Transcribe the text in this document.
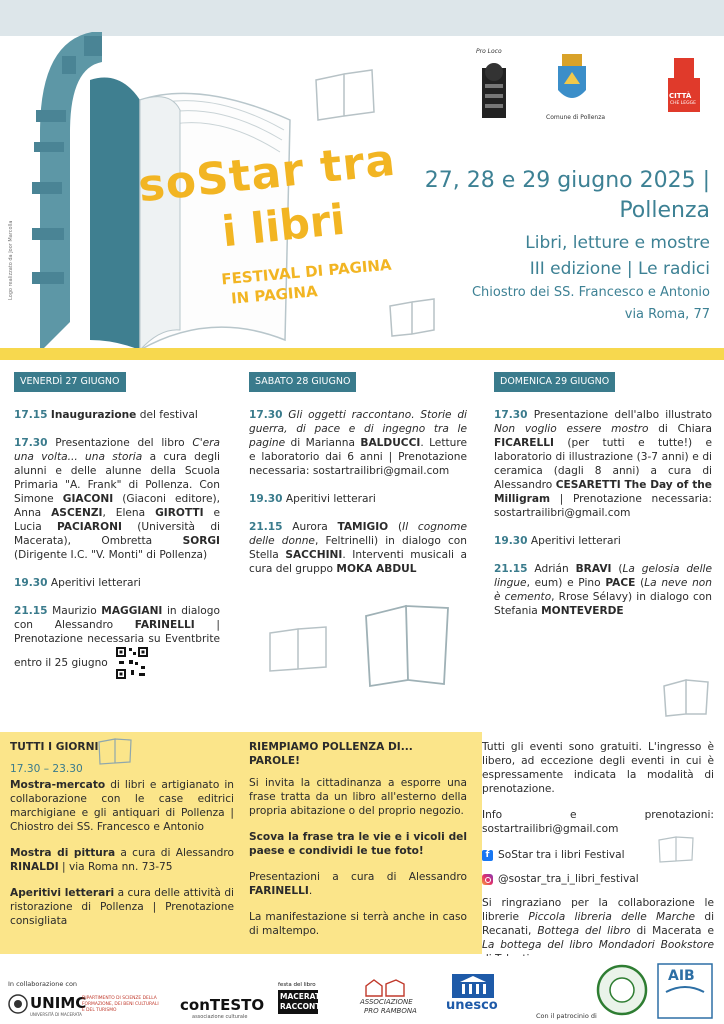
Logo realizzato da Joor Marcolla
soStar tra
i libri
FESTIVAL DI PAGINA
IN PAGINA
Pro Loco
Comune di Pollenza
CITTÀ
CHE LEGGE
27, 28 e 29 giugno 2025 |
Pollenza
Libri, letture e mostre
III edizione | Le radici
Chiostro dei SS. Francesco e Antonio
via Roma, 77
VENERDÌ 27 GIUGNO
17.15 Inaugurazione del festival
17.30 Presentazione del libro C'era una volta... una storia a cura degli alunni e delle alunne della Scuola Primaria "A. Frank" di Pollenza. Con Simone GIACONI (Giaconi editore), Anna ASCENZI, Elena GIROTTI e Lucia PACIARONI (Università di Macerata), Ombretta SORGI (Dirigente I.C. "V. Monti" di Pollenza)
19.30 Aperitivi letterari
21.15 Maurizio MAGGIANI in dialogo con Alessandro FARINELLI | Prenotazione necessaria su Eventbrite entro il 25 giugno
SABATO 28 GIUGNO
17.30 Gli oggetti raccontano. Storie di guerra, di pace e di ingegno tra le pagine di Marianna BALDUCCI. Letture e laboratorio dai 6 anni | Prenotazione necessaria: sostartrailibri@gmail.com
19.30 Aperitivi letterari
21.15 Aurora TAMIGIO (Il cognome delle donne, Feltrinelli) in dialogo con Stella SACCHINI. Interventi musicali a cura del gruppo MOKA ABDUL
DOMENICA 29 GIUGNO
17.30 Presentazione dell'albo illustrato Non voglio essere mostro di Chiara FICARELLI (per tutti e tutte!) e laboratorio di illustrazione (3-7 anni) e di ceramica (dagli 8 anni) a cura di Alessandro CESARETTI The Day of the Milligram | Prenotazione necessaria: sostartrailibri@gmail.com
19.30 Aperitivi letterari
21.15 Adrián BRAVI (La gelosia delle lingue, eum) e Pino PACE (La neve non è cemento, Rrose Sélavy) in dialogo con Stefania MONTEVERDE
TUTTI I GIORNI
17.30 – 23.30
Mostra-mercato di libri e artigianato in collaborazione con le case editrici marchigiane e gli antiquari di Pollenza | Chiostro dei SS. Francesco e Antonio
Mostra di pittura a cura di Alessandro RINALDI | via Roma nn. 73-75
Aperitivi letterari a cura delle attività di ristorazione di Pollenza | Prenotazione consigliata
RIEMPIAMO POLLENZA DI... PAROLE!
Si invita la cittadinanza a esporre una frase tratta da un libro all'esterno della propria abitazione o del proprio negozio.
Scova la frase tra le vie e i vicoli del paese e condividi le tue foto!
Presentazioni a cura di Alessandro FARINELLI.
La manifestazione si terrà anche in caso di maltempo.
Tutti gli eventi sono gratuiti. L'ingresso è libero, ad eccezione degli eventi in cui è espressamente indicata la modalità di prenotazione.
Info e prenotazioni: sostartrailibri@gmail.com
f SoStar tra i libri Festival
@sostar_tra_i_libri_festival
Si ringraziano per la collaborazione le librerie Piccola libreria delle Marche di Recanati, Bottega del libro di Macerata e La bottega del libro Mondadori Bookstore
In collaborazione con
UNIMC
UNIVERSITÀ DI MACERATA
DIPARTIMENTO DI SCIENZE DELLA FORMAZIONE, DEI BENI CULTURALI E DEL TURISMO	conTESTO
associazione culturale
festa del libro
MACERATA RACCONTA	ASSOCIAZIONE
PRO RAMBONA unesco
Con il patrocinio di
AIB
